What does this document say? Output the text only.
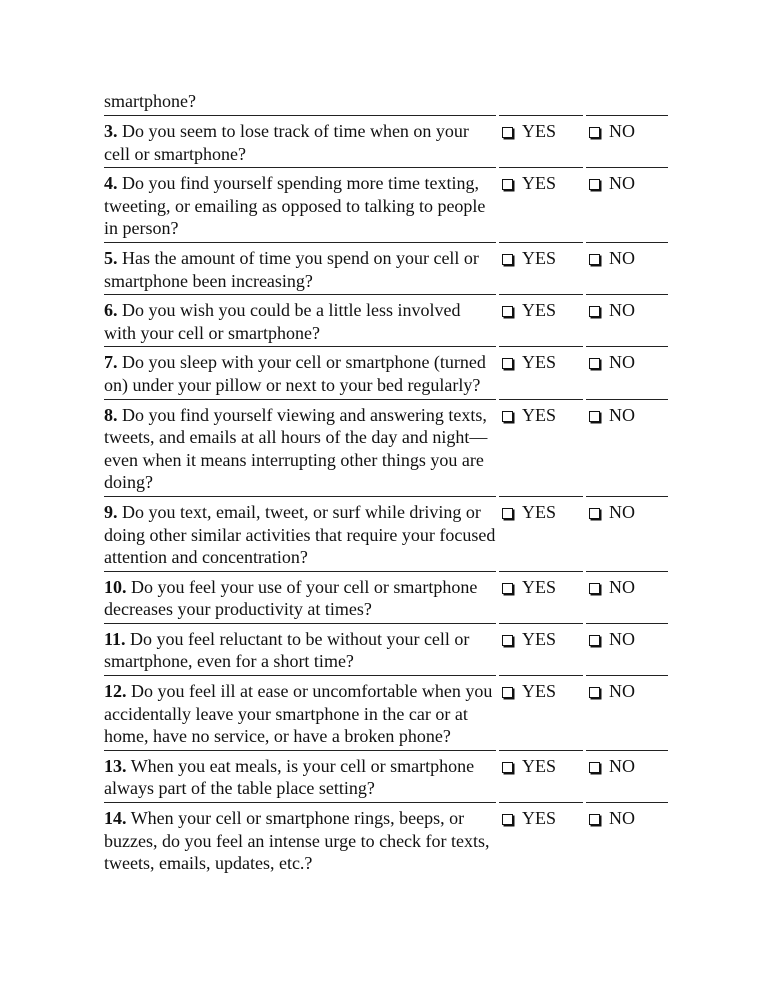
smartphone?
3. Do you seem to lose track of time when on your cell or smartphone?
YES	NO
4. Do you find yourself spending more time texting, tweeting, or emailing as opposed to talking to people in person?
YES	NO
5. Has the amount of time you spend on your cell or smartphone been increasing?
YES	NO
6. Do you wish you could be a little less involved with your cell or smartphone?
YES	NO
7. Do you sleep with your cell or smartphone (turned on) under your pillow or next to your bed regularly?
YES	NO
8. Do you find yourself viewing and answering texts, tweets, and emails at all hours of the day and night—even when it means interrupting other things you are doing?
YES	NO
9. Do you text, email, tweet, or surf while driving or doing other similar activities that require your focused attention and concentration?
YES	NO
10. Do you feel your use of your cell or smartphone decreases your productivity at times?
YES	NO
11. Do you feel reluctant to be without your cell or smartphone, even for a short time?
YES	NO
12. Do you feel ill at ease or uncomfortable when you accidentally leave your smartphone in the car or at home, have no service, or have a broken phone?
YES	NO
13. When you eat meals, is your cell or smartphone always part of the table place setting?
YES	NO
14. When your cell or smartphone rings, beeps, or buzzes, do you feel an intense urge to check for texts, tweets, emails, updates, etc.?
YES	NO
